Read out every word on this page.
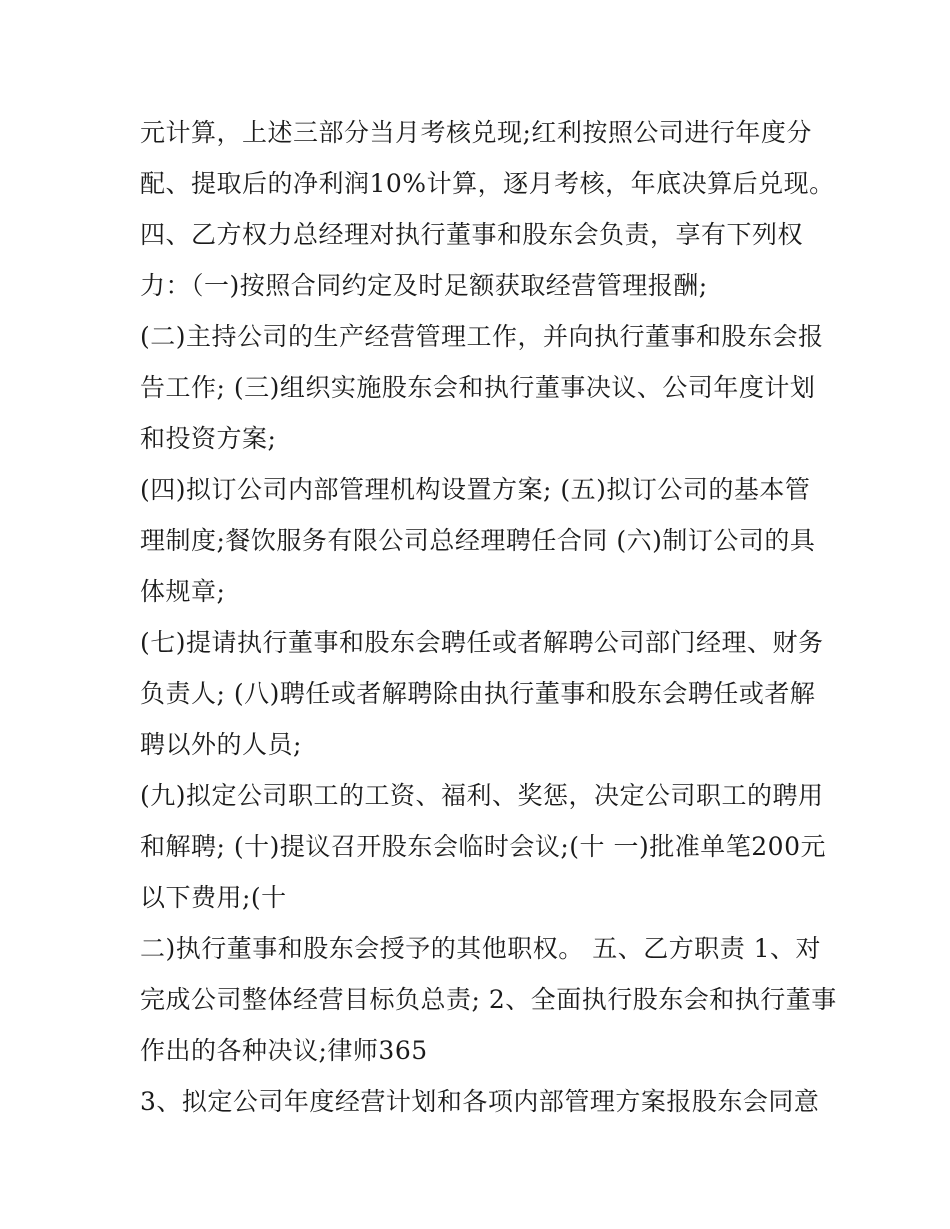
元计算，上述三部分当月考核兑现;红利按照公司进行年度分
配、提取后的净利润10%计算，逐月考核，年底决算后兑现。
四、乙方权力总经理对执行董事和股东会负责，享有下列权
力：（一)按照合同约定及时足额获取经营管理报酬;
(二)主持公司的生产经营管理工作，并向执行董事和股东会报
告工作; (三)组织实施股东会和执行董事决议、公司年度计划
和投资方案;
(四)拟订公司内部管理机构设置方案; (五)拟订公司的基本管
理制度;餐饮服务有限公司总经理聘任合同 (六)制订公司的具
体规章;
(七)提请执行董事和股东会聘任或者解聘公司部门经理、财务
负责人; (八)聘任或者解聘除由执行董事和股东会聘任或者解
聘以外的人员;
(九)拟定公司职工的工资、福利、奖惩，决定公司职工的聘用
和解聘; (十)提议召开股东会临时会议;(十 一)批准单笔200元
以下费用;(十
二)执行董事和股东会授予的其他职权。 五、乙方职责 1、对
完成公司整体经营目标负总责; 2、全面执行股东会和执行董事
作出的各种决议;律师365
3、拟定公司年度经营计划和各项内部管理方案报股东会同意
